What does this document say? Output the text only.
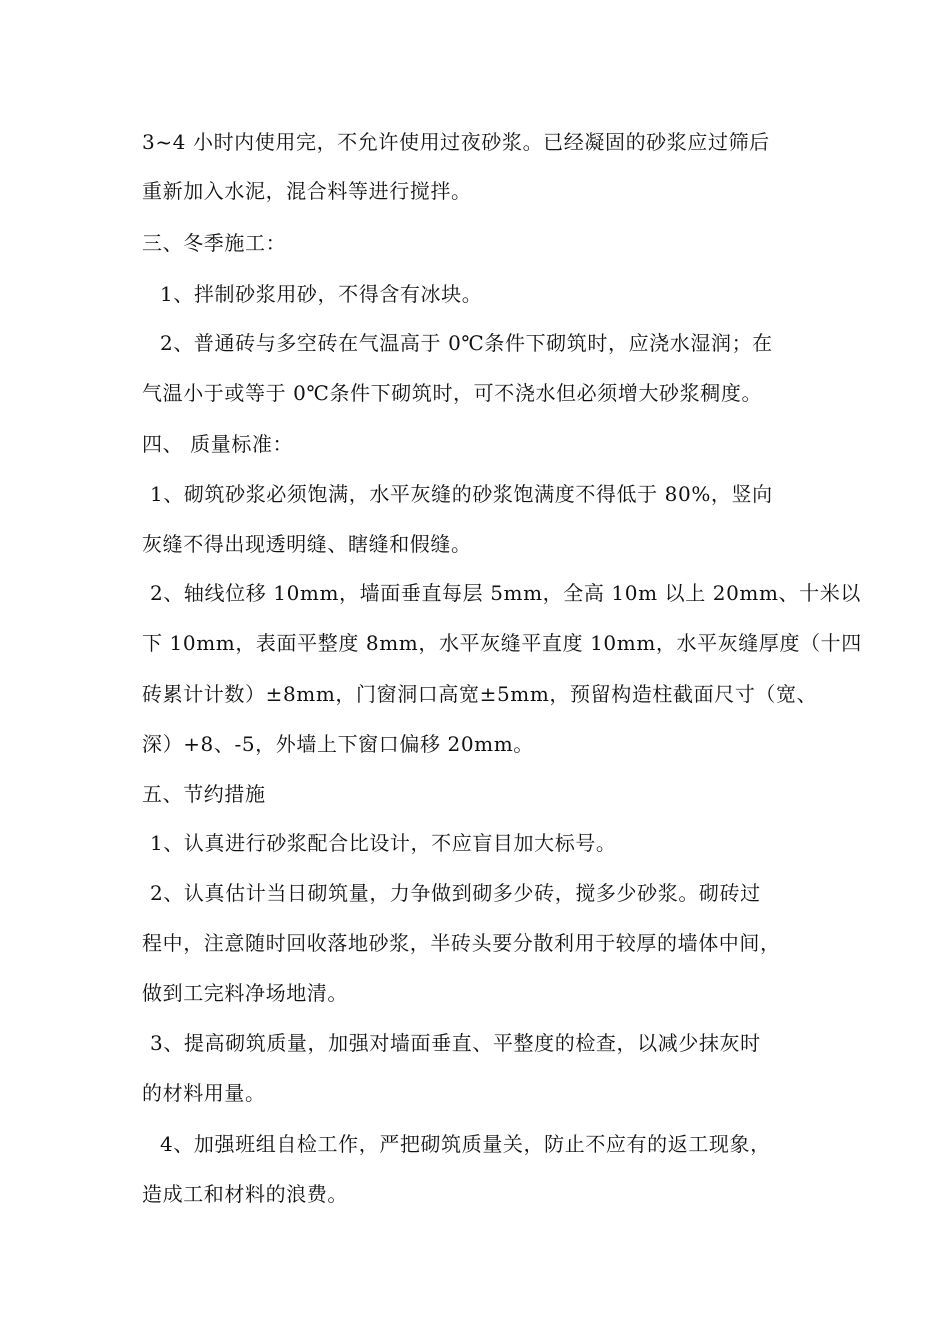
3~4 小时内使用完，不允许使用过夜砂浆。已经凝固的砂浆应过筛后
重新加入水泥，混合料等进行搅拌。
三、冬季施工：
1、拌制砂浆用砂，不得含有冰块。
2、普通砖与多空砖在气温高于 0℃条件下砌筑时，应浇水湿润；在
气温小于或等于 0℃条件下砌筑时，可不浇水但必须增大砂浆稠度。
四、 质量标准：
1、砌筑砂浆必须饱满，水平灰缝的砂浆饱满度不得低于 80%，竖向
灰缝不得出现透明缝、瞎缝和假缝。
2、轴线位移 10mm，墙面垂直每层 5mm，全高 10m 以上 20mm、十米以
下 10mm，表面平整度 8mm，水平灰缝平直度 10mm，水平灰缝厚度（十四
砖累计计数）±8mm，门窗洞口高宽±5mm，预留构造柱截面尺寸（宽、
深）+8、-5，外墙上下窗口偏移 20mm。
五、节约措施
1、认真进行砂浆配合比设计，不应盲目加大标号。
2、认真估计当日砌筑量，力争做到砌多少砖，搅多少砂浆。砌砖过
程中，注意随时回收落地砂浆，半砖头要分散利用于较厚的墙体中间，
做到工完料净场地清。
3、提高砌筑质量，加强对墙面垂直、平整度的检查，以减少抹灰时
的材料用量。
4、加强班组自检工作，严把砌筑质量关，防止不应有的返工现象，
造成工和材料的浪费。
